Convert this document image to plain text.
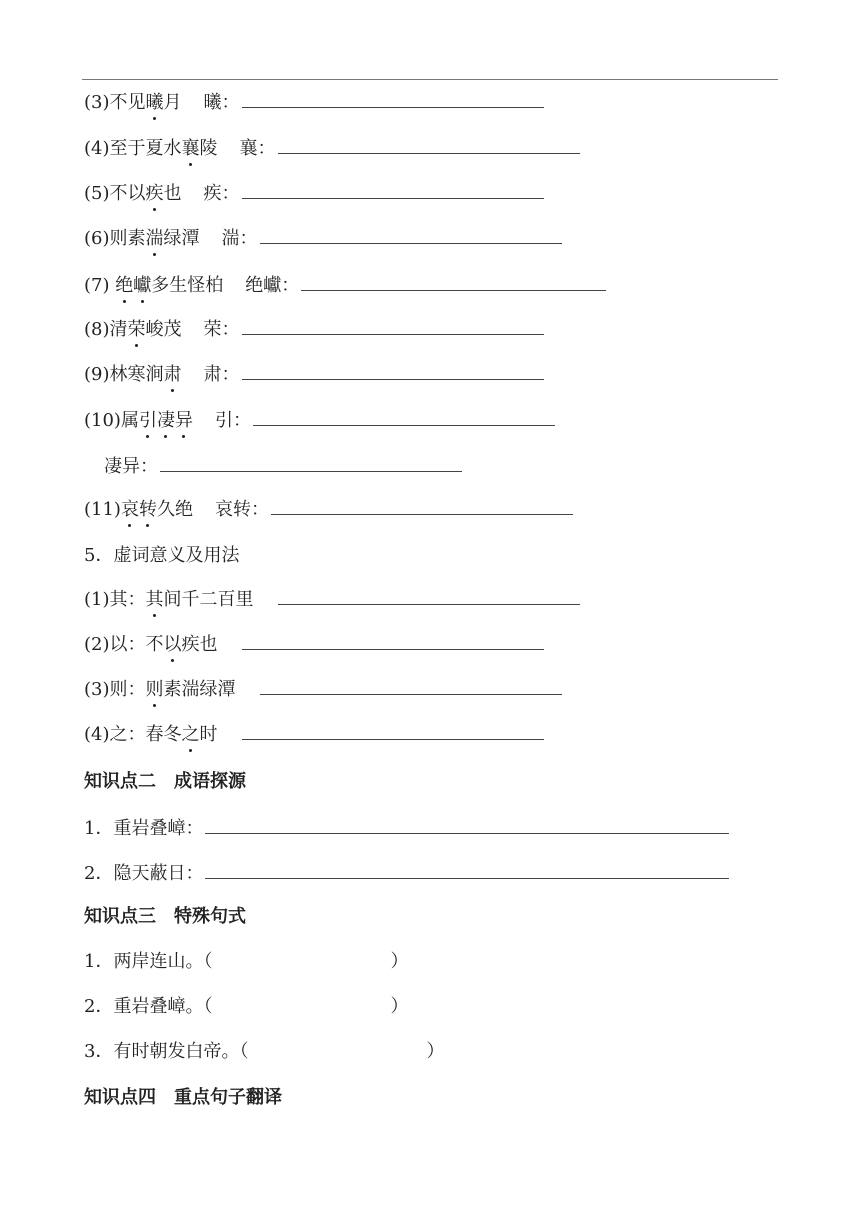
(3)不见曦月 曦：
(4)至于夏水襄陵 襄：
(5)不以疾也 疾：
(6)则素湍绿潭 湍：
(7) 绝巘多生怪柏 绝巘：
(8)清荣峻茂 荣：
(9)林寒涧肃 肃：
(10)属引凄异 引：
凄异：
(11)哀转久绝 哀转：
5．虚词意义及用法
(1)其：其间千二百里
(2)以：不以疾也
(3)则：则素湍绿潭
(4)之：春冬之时
知识点二　成语探源
1．重岩叠嶂：
2．隐天蔽日：
知识点三　特殊句式
1．两岸连山。（	）
2．重岩叠嶂。（	）
3．有时朝发白帝。（	）
知识点四　重点句子翻译
